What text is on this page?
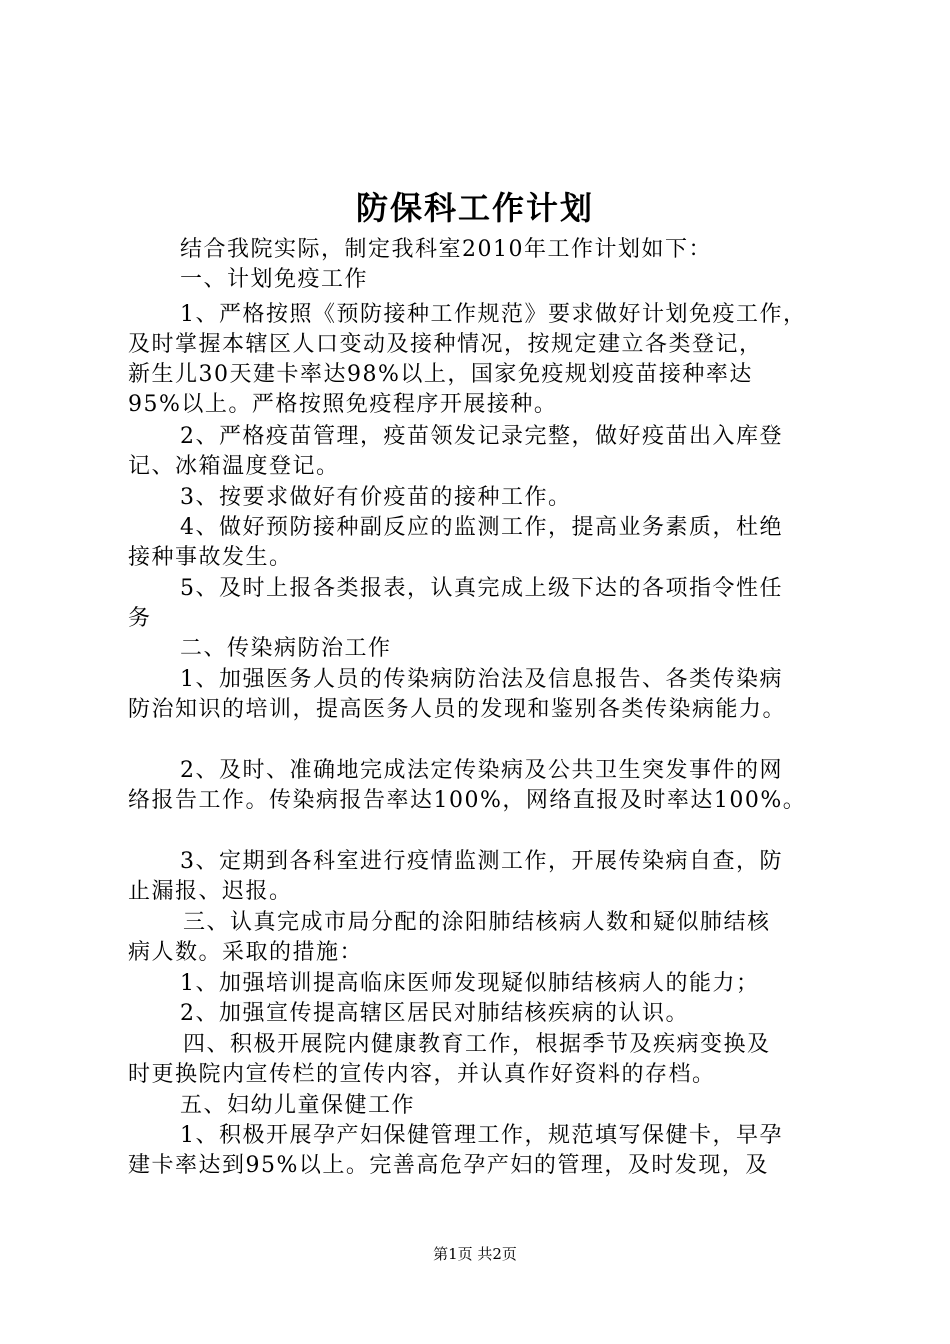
防保科工作计划
结合我院实际，制定我科室2010年工作计划如下：
一、计划免疫工作
1、严格按照《预防接种工作规范》要求做好计划免疫工作，
及时掌握本辖区人口变动及接种情况，按规定建立各类登记，
新生儿30天建卡率达98%以上，国家免疫规划疫苗接种率达
95%以上。严格按照免疫程序开展接种。
2、严格疫苗管理，疫苗领发记录完整，做好疫苗出入库登
记、冰箱温度登记。
3、按要求做好有价疫苗的接种工作。
4、做好预防接种副反应的监测工作，提高业务素质，杜绝
接种事故发生。
5、及时上报各类报表，认真完成上级下达的各项指令性任
务
二、传染病防治工作
1、加强医务人员的传染病防治法及信息报告、各类传染病
防治知识的培训，提高医务人员的发现和鉴别各类传染病能力。
2、及时、准确地完成法定传染病及公共卫生突发事件的网
络报告工作。传染病报告率达100%，网络直报及时率达100%。
3、定期到各科室进行疫情监测工作，开展传染病自查，防
止漏报、迟报。
三、认真完成市局分配的涂阳肺结核病人数和疑似肺结核
病人数。采取的措施：
1、加强培训提高临床医师发现疑似肺结核病人的能力；
2、加强宣传提高辖区居民对肺结核疾病的认识。
四、积极开展院内健康教育工作，根据季节及疾病变换及
时更换院内宣传栏的宣传内容，并认真作好资料的存档。
五、妇幼儿童保健工作
1、积极开展孕产妇保健管理工作，规范填写保健卡，早孕
建卡率达到95%以上。完善高危孕产妇的管理，及时发现，及
第1页 共2页
